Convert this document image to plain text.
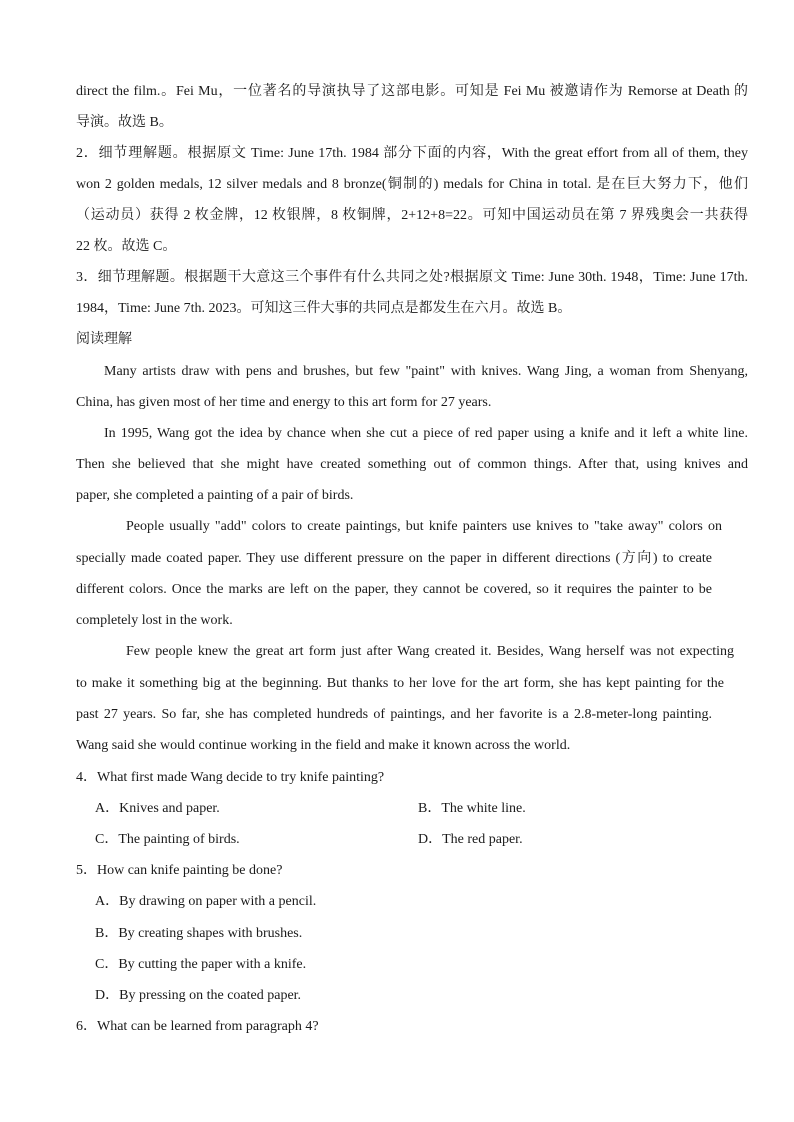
direct the film.。Fei Mu，一位著名的导演执导了这部电影。可知是 Fei Mu 被邀请作为 Remorse at Death 的
导演。故选 B。
2．细节理解题。根据原文 Time: June 17th. 1984 部分下面的内容，With the great effort from all of them, they
won 2 golden medals, 12 silver medals and 8 bronze(铜制的) medals for China in total. 是在巨大努力下，他们
（运动员）获得 2 枚金牌，12 枚银牌，8 枚铜牌，2+12+8=22。可知中国运动员在第 7 界残奥会一共获得
22 枚。故选 C。
3．细节理解题。根据题干大意这三个事件有什么共同之处?根据原文 Time: June 30th. 1948，Time: June 17th.
1984，Time: June 7th. 2023。可知这三件大事的共同点是都发生在六月。故选 B。
阅读理解
Many artists draw with pens and brushes, but few "paint" with knives. Wang Jing, a woman from Shenyang,
China, has given most of her time and energy to this art form for 27 years.
In 1995, Wang got the idea by chance when she cut a piece of red paper using a knife and it left a white line.
Then she believed that she might have created something out of common things. After that, using knives and
paper, she completed a painting of a pair of birds.
People usually "add" colors to create paintings, but knife painters use knives to "take away" colors on
specially made coated paper. They use different pressure on the paper in different directions (方向) to create
different colors. Once the marks are left on the paper, they cannot be covered, so it requires the painter to be
completely lost in the work.
Few people knew the great art form just after Wang created it. Besides, Wang herself was not expecting
to make it something big at the beginning. But thanks to her love for the art form, she has kept painting for the
past 27 years. So far, she has completed hundreds of paintings, and her favorite is a 2.8-meter-long painting.
Wang said she would continue working in the field and make it known across the world.
4．What first made Wang decide to try knife painting?
A．Knives and paper.	B．The white line.
C．The painting of birds.	D．The red paper.
5．How can knife painting be done?
A．By drawing on paper with a pencil.
B．By creating shapes with brushes.
C．By cutting the paper with a knife.
D．By pressing on the coated paper.
6．What can be learned from paragraph 4?
